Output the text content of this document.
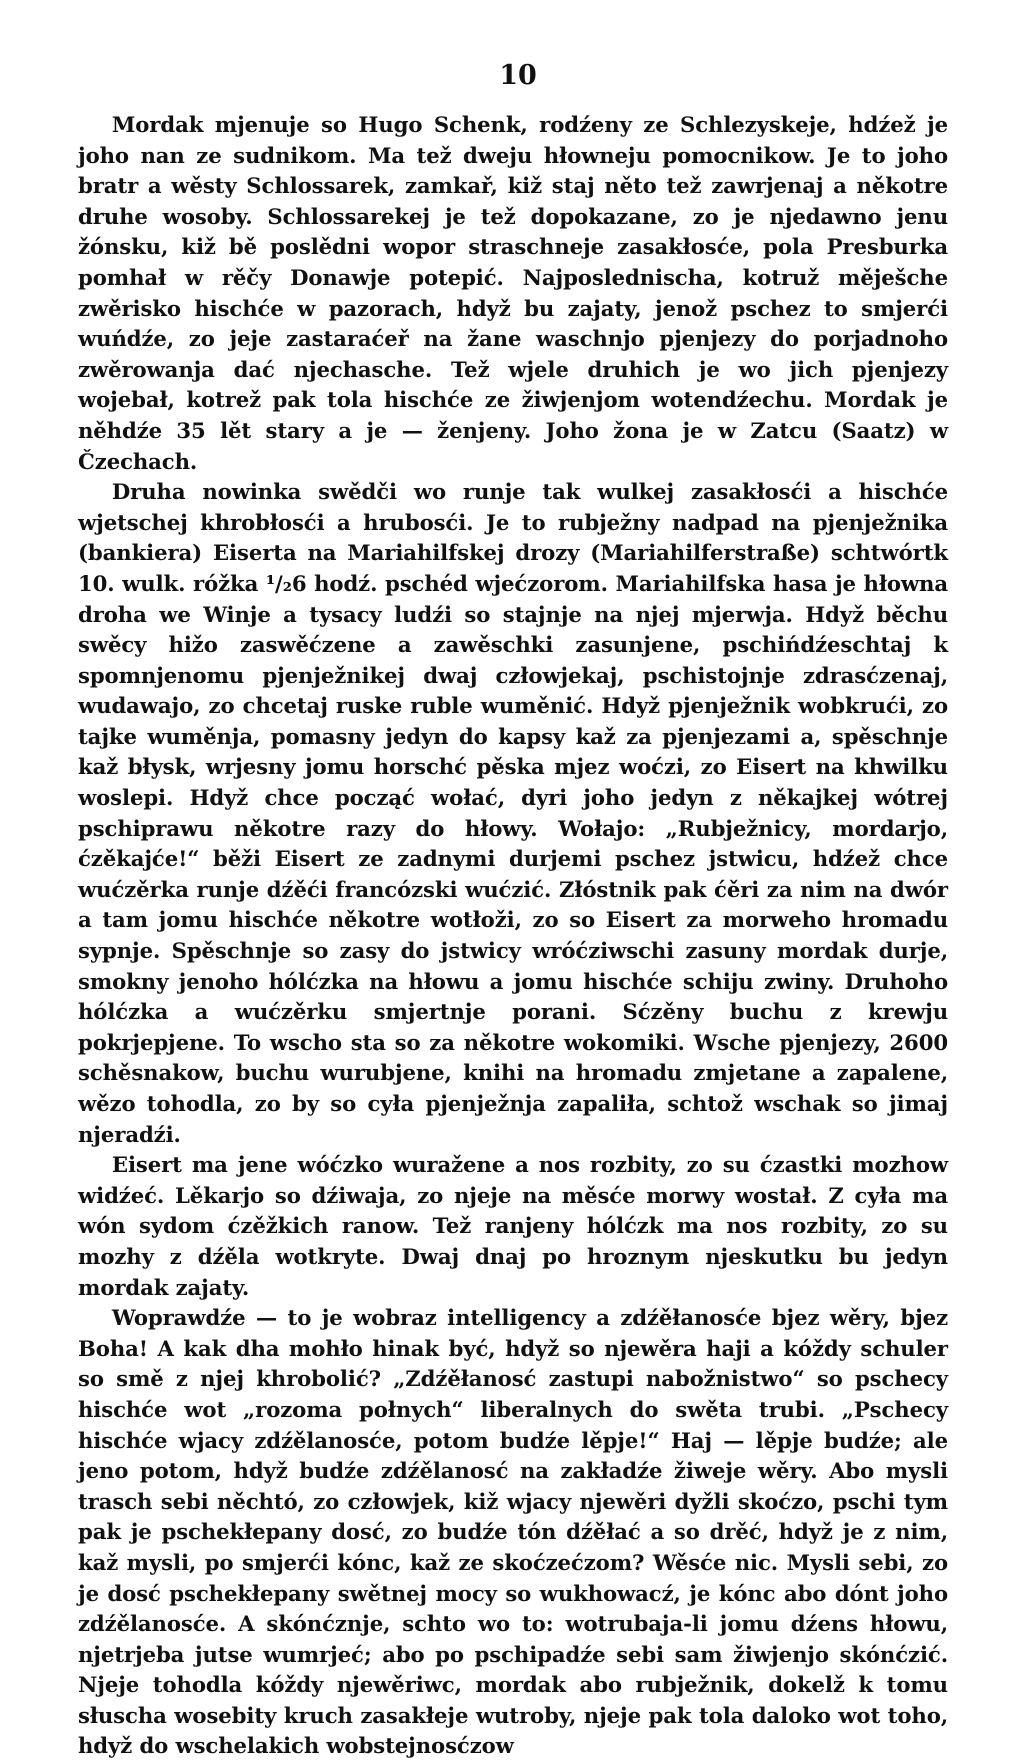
10

Mordak mjenuje so Hugo Schenk, rodźeny ze Schlezyskeje, hdźež je joho nan ze sudnikom. Ma tež dweju hłowneju pomocnikow. Je to joho bratr a wěsty Schlossarek, zamkař, kiž staj něto tež zawrjenaj a někotre druhe wosoby. Schlossarekej je tež dopokazane, zo je njedawno jenu žónsku, kiž bě poslědni wopor straschneje zasakłosće, pola Presburka pomhał w rěčy Donawje potepić. Najposlednischa, kotruž měješche zwěrisko hischće w pazorach, hdyž bu zajaty, jenož pschez to smjerći wuńdźe, zo jeje zastaraćeř na žane waschnjo pjenjezy do porjadnoho zwěrowanja dać njechasche. Tež wjele druhich je wo jich pjenjezy wojebał, kotrež pak tola hischće ze žiwjenjom wotendźechu. Mordak je něhdźe 35 lět stary a je — ženjeny. Joho žona je w Zatcu (Saatz) w Čzechach.

Druha nowinka swědči wo runje tak wulkej zasakłosći a hischće wjetschej khrobłosći a hrubosći. Je to rubježny nadpad na pjenježnika (bankiera) Eiserta na Mariahilfskej drozy (Mariahilferstraße) schtwórtk 10. wulk. róžka ¹/₂6 hodź. pschéd wjećzorom. Mariahilfska hasa je hłowna droha we Winje a tysacy ludźi so stajnje na njej mjerwja. Hdyž běchu swěcy hižo zaswěćzene a zawěschki zasunjene, pschińdźeschtaj k spomnjenomu pjenježnikej dwaj człowjekaj, pschistojnje zdrasćzenaj, wudawajo, zo chcetaj ruske ruble wuměnić. Hdyž pjenježnik wobkrući, zo tajke wuměnja, pomasny jedyn do kapsy kaž za pjenjezami a, spěschnje kaž błysk, wrjesny jomu horschć pěska mjez woćzi, zo Eisert na khwilku woslepi. Hdyž chce począć wołać, dyri joho jedyn z někajkej wótrej pschiprawu někotre razy do hłowy. Wołajo: „Rubježnicy, mordarjo, ćzěkajće!“ běži Eisert ze zadnymi durjemi pschez jstwicu, hdźež chce wućzěrka runje dźěći francózski wućzić. Złóstnik pak ćěri za nim na dwór a tam jomu hischće někotre wotłoži, zo so Eisert za morweho hromadu sypnje. Spěschnje so zasy do jstwicy wróćziwschi zasuny mordak durje, smokny jenoho hólćzka na hłowu a jomu hischće schiju zwiny. Druhoho hólćzka a wućzěrku smjertnje porani. Sćzěny buchu z krewju pokrjepjene. To wscho sta so za někotre wokomiki. Wsche pjenjezy, 2600 schěsnakow, buchu wurubjene, knihi na hromadu zmjetane a zapalene, wězo tohodla, zo by so cyła pjenježnja zapaliła, schtož wschak so jimaj njeradźi.

Eisert ma jene wóćzko wuražene a nos rozbity, zo su ćzastki mozhow widźeć. Lěkarjo so dźiwaja, zo njeje na měsće morwy wostał. Z cyła ma wón sydom ćzěžkich ranow. Tež ranjeny hólćzk ma nos rozbity, zo su mozhy z dźěla wotkryte. Dwaj dnaj po hroznym njeskutku bu jedyn mordak zajaty.

Woprawdźe — to je wobraz intelligency a zdźěłanosće bjez wěry, bjez Boha! A kak dha mohło hinak być, hdyž so njewěra haji a kóždy schuler so smě z njej khrobolić? „Zdźěłanosć zastupi nabožnistwo“ so pschecy hischće wot „rozoma połnych“ liberalnych do swěta trubi. „Pschecy hischće wjacy zdźělanosće, potom budźe lěpje!“ Haj — lěpje budźe; ale jeno potom, hdyž budźe zdźělanosć na zakładźe žiweje wěry. Abo mysli trasch sebi něchtó, zo człowjek, kiž wjacy njewěri dyžli skoćzo, pschi tym pak je pschekłepany dosć, zo budźe tón dźěłać a so drěć, hdyž je z nim, kaž mysli, po smjerći kónc, kaž ze skoćzećzom? Wěsće nic. Mysli sebi, zo je dosć pschekłepany swětnej mocy so wukhowacź, je kónc abo dónt joho zdźělanosće. A skónćznje, schto wo to: wotrubaja-li jomu dźens hłowu, njetrjeba jutse wumrjeć; abo po pschipadźe sebi sam žiwjenjo skónćzić. Njeje tohodla kóždy njewěriwc, mordak abo rubježnik, dokelž k tomu słuscha wosebity kruch zasakłeje wutroby, njeje pak tola daloko wot toho, hdyž do wschelakich wobstejnosćzow
